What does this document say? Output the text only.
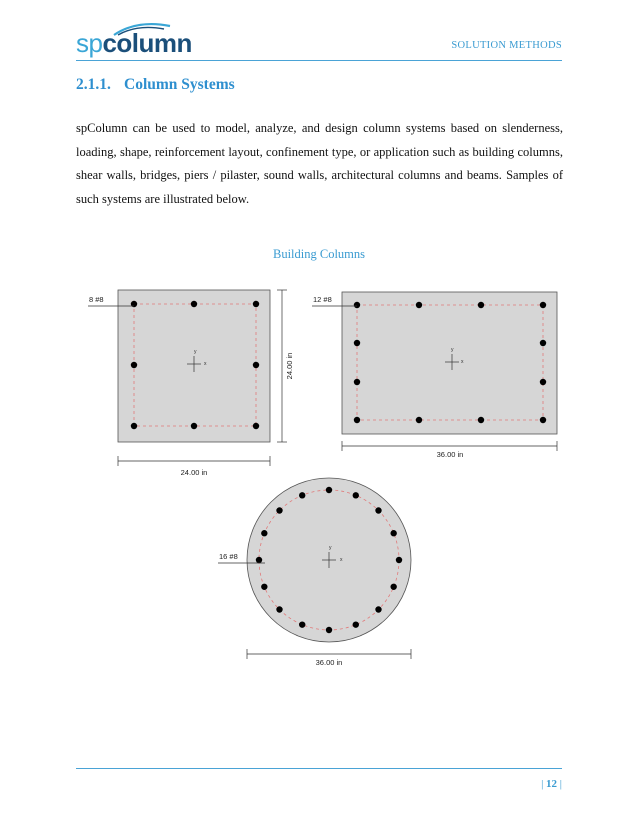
spcolumn	SOLUTION METHODS
2.1.1. Column Systems
spColumn can be used to model, analyze, and design column systems based on slenderness, loading, shape, reinforcement layout, confinement type, or application such as building columns, shear walls, bridges, piers / pilaster, sound walls, architectural columns and beams. Samples of such systems are illustrated below.
Building Columns
8 #8
y
x
24.00 in
24.00 in
12 #8
y
x
36.00 in
16 #8
y
x
36.00 in
| 12 |
